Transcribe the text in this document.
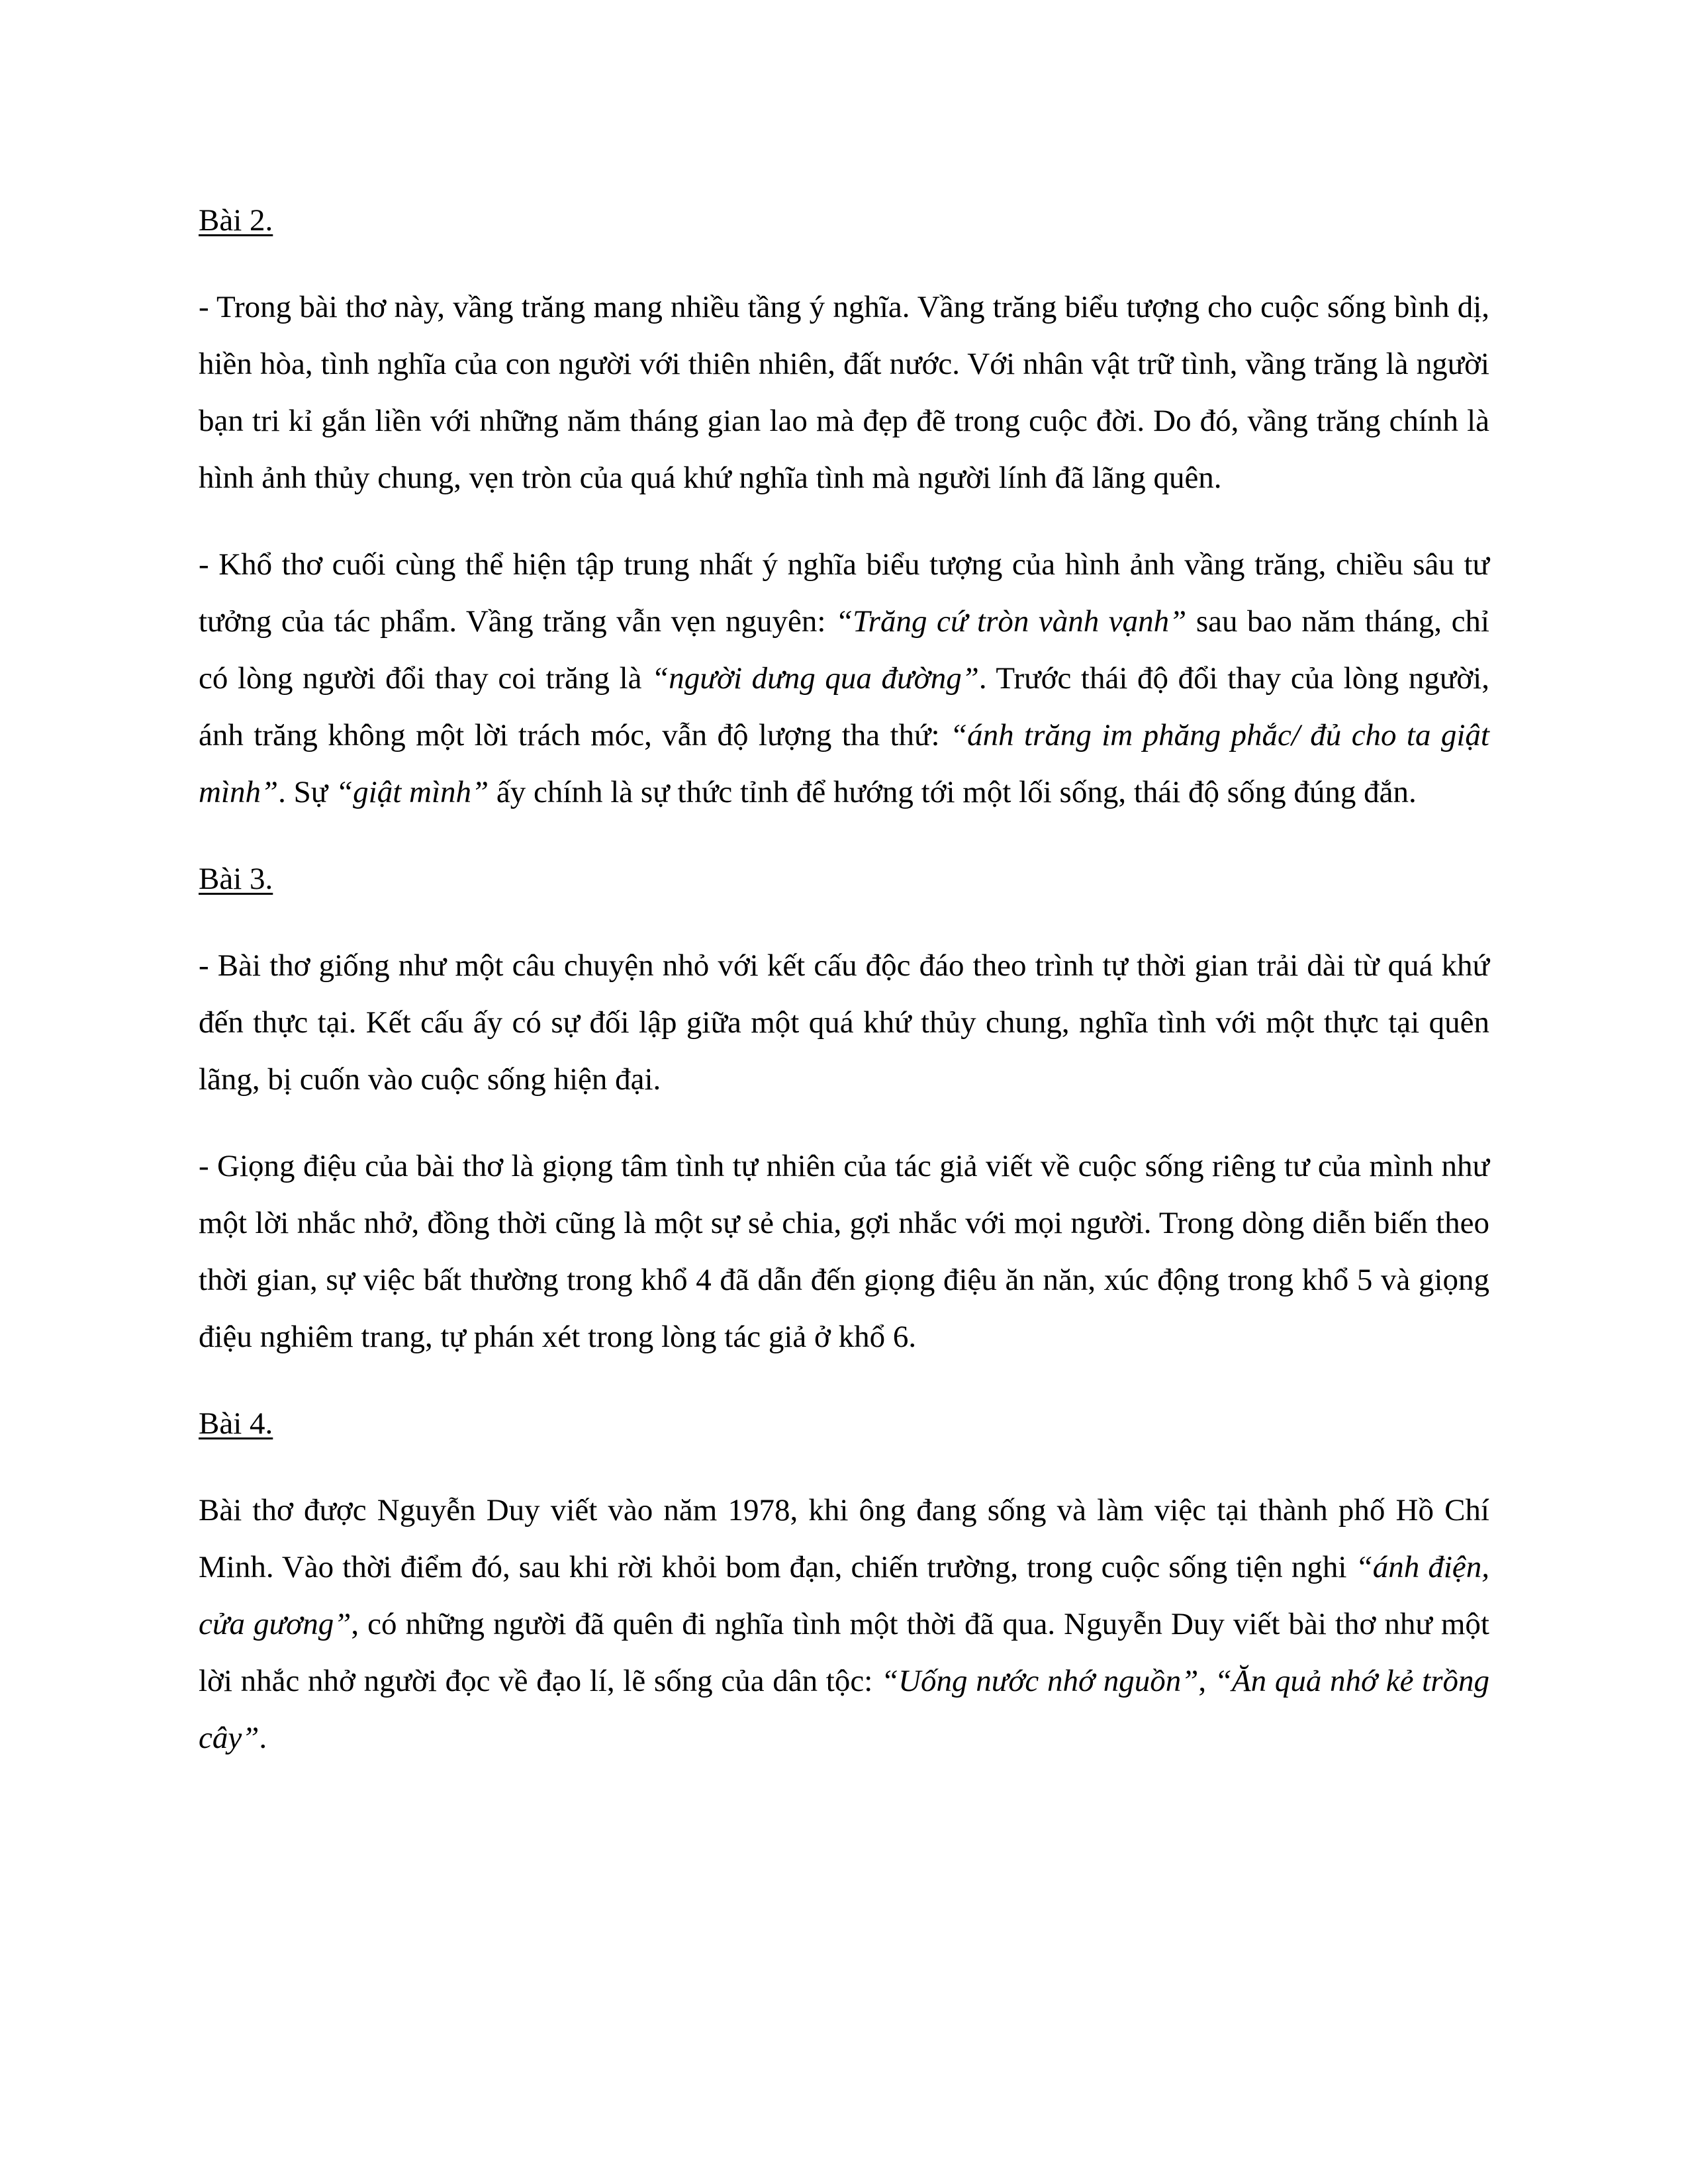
Bài 2.

- Trong bài thơ này, vầng trăng mang nhiều tầng ý nghĩa. Vầng trăng biểu tượng cho cuộc sống bình dị, hiền hòa, tình nghĩa của con người với thiên nhiên, đất nước. Với nhân vật trữ tình, vầng trăng là người bạn tri kỉ gắn liền với những năm tháng gian lao mà đẹp đẽ trong cuộc đời. Do đó, vầng trăng chính là hình ảnh thủy chung, vẹn tròn của quá khứ nghĩa tình mà người lính đã lãng quên.

- Khổ thơ cuối cùng thể hiện tập trung nhất ý nghĩa biểu tượng của hình ảnh vầng trăng, chiều sâu tư tưởng của tác phẩm. Vầng trăng vẫn vẹn nguyên: “Trăng cứ tròn vành vạnh” sau bao năm tháng, chỉ có lòng người đổi thay coi trăng là “người dưng qua đường”. Trước thái độ đổi thay của lòng người, ánh trăng không một lời trách móc, vẫn độ lượng tha thứ: “ánh trăng im phăng phắc/ đủ cho ta giật mình”. Sự “giật mình” ấy chính là sự thức tỉnh để hướng tới một lối sống, thái độ sống đúng đắn.

Bài 3.

- Bài thơ giống như một câu chuyện nhỏ với kết cấu độc đáo theo trình tự thời gian trải dài từ quá khứ đến thực tại. Kết cấu ấy có sự đối lập giữa một quá khứ thủy chung, nghĩa tình với một thực tại quên lãng, bị cuốn vào cuộc sống hiện đại.

- Giọng điệu của bài thơ là giọng tâm tình tự nhiên của tác giả viết về cuộc sống riêng tư của mình như một lời nhắc nhở, đồng thời cũng là một sự sẻ chia, gợi nhắc với mọi người. Trong dòng diễn biến theo thời gian, sự việc bất thường trong khổ 4 đã dẫn đến giọng điệu ăn năn, xúc động trong khổ 5 và giọng điệu nghiêm trang, tự phán xét trong lòng tác giả ở khổ 6.

Bài 4.

Bài thơ được Nguyễn Duy viết vào năm 1978, khi ông đang sống và làm việc tại thành phố Hồ Chí Minh. Vào thời điểm đó, sau khi rời khỏi bom đạn, chiến trường, trong cuộc sống tiện nghi “ánh điện, cửa gương”, có những người đã quên đi nghĩa tình một thời đã qua. Nguyễn Duy viết bài thơ như một lời nhắc nhở người đọc về đạo lí, lẽ sống của dân tộc: “Uống nước nhớ nguồn”, “Ăn quả nhớ kẻ trồng cây”.
